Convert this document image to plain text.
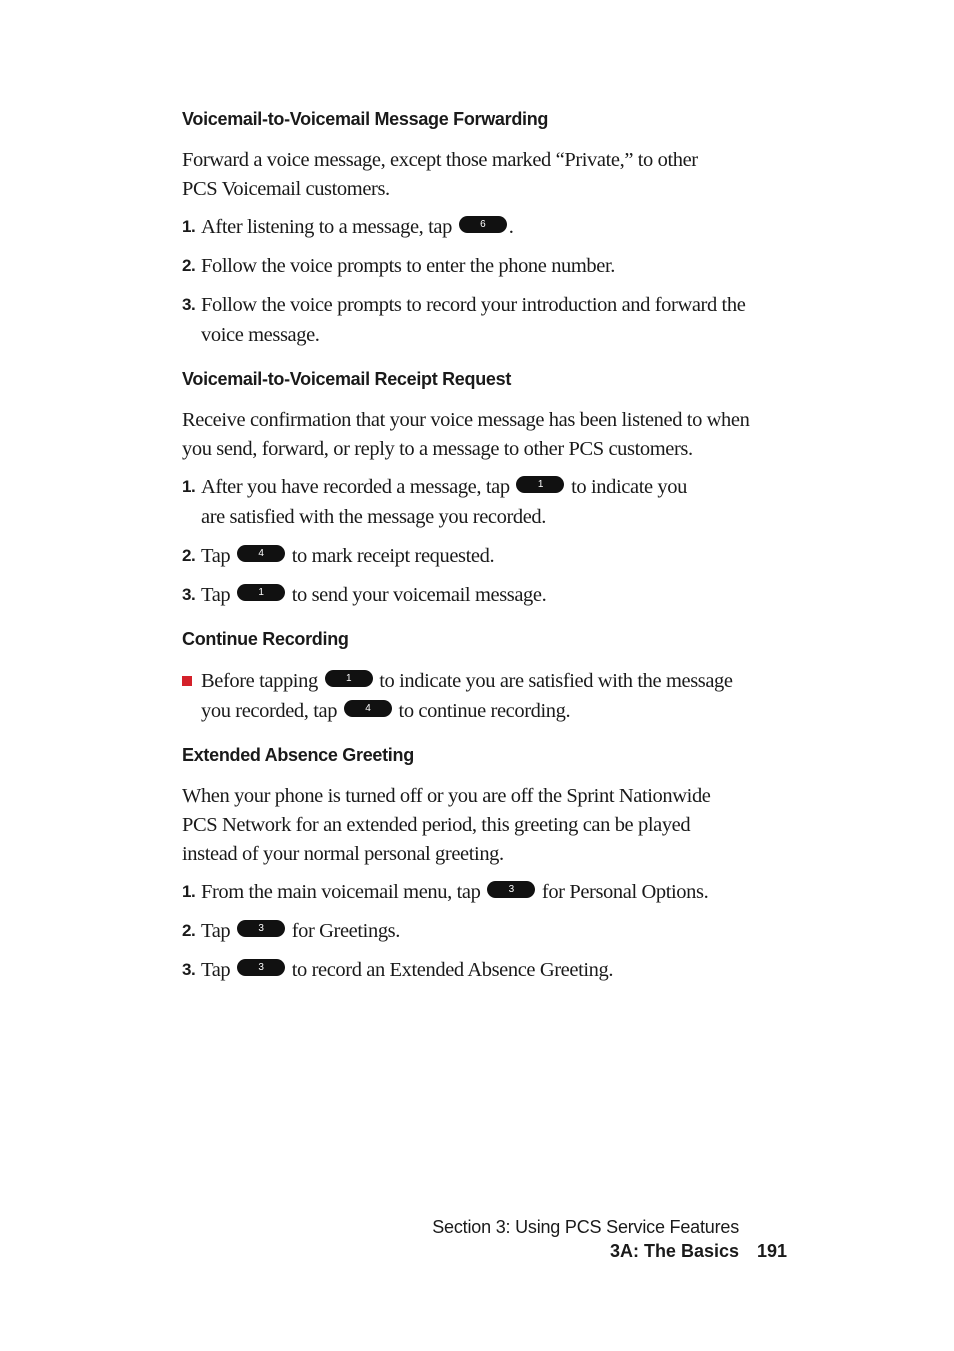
Voicemail-to-Voicemail Message Forwarding

Forward a voice message, except those marked “Private,” to other PCS Voicemail customers.

1. After listening to a message, tap	6 .
2. Follow the voice prompts to enter the phone number.
3. Follow the voice prompts to record your introduction and forward the voice message.
Voicemail-to-Voicemail Receipt Request

Receive confirmation that your voice message has been listened to when you send, forward, or reply to a message to other PCS customers.

1. After you have recorded a message, tap	1 to indicate you are satisfied with the message you recorded.
2. Tap	4 to mark receipt requested.
3. Tap	1 to send your voicemail message.
Continue Recording
Before tapping	1 to indicate you are satisfied with the message you recorded, tap	4 to continue recording.
Extended Absence Greeting

When your phone is turned off or you are off the Sprint Nationwide PCS Network for an extended period, this greeting can be played instead of your normal personal greeting.

1. From the main voicemail menu, tap	3 for Personal Options.
2. Tap	3 for Greetings.
3. Tap	3 to record an Extended Absence Greeting.
Section 3: Using PCS Service Features
3A: The Basics 191
